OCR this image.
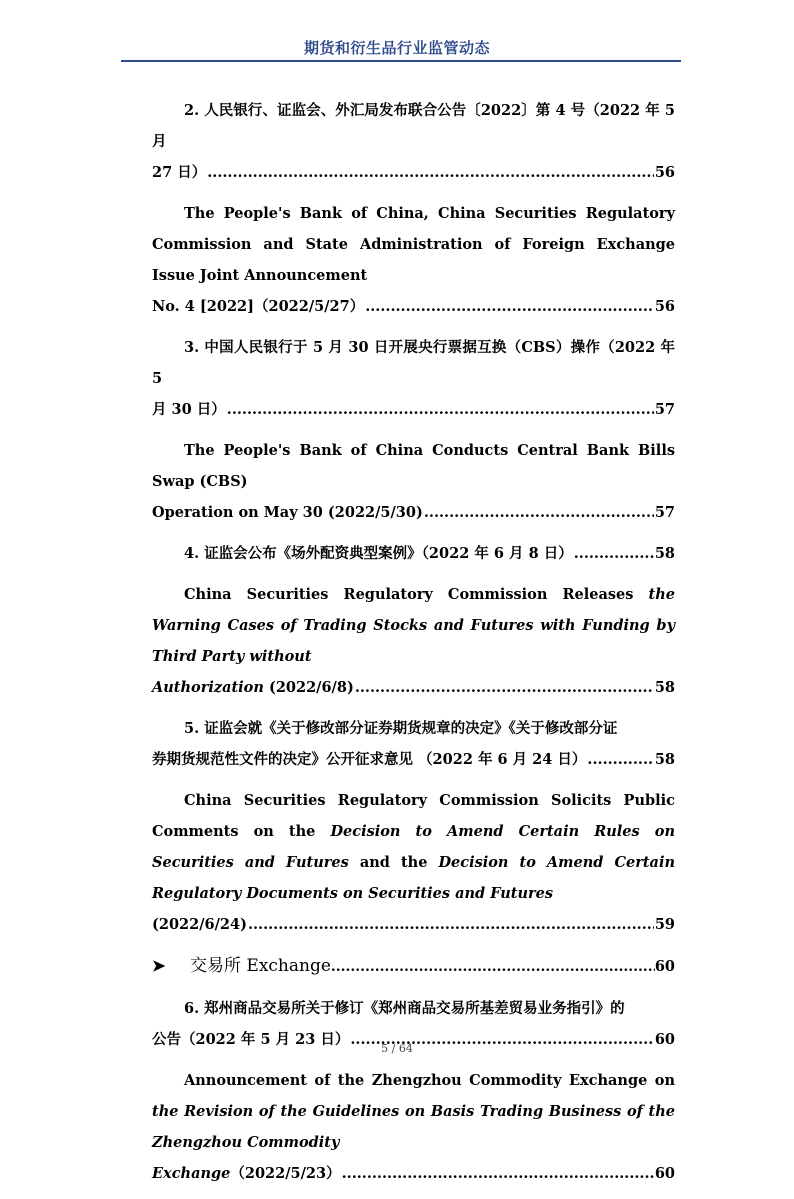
期货和衍生品行业监管动态
2. 人民银行、证监会、外汇局发布联合公告〔2022〕第 4 号（2022 年 5 月
27 日） .....	56
The People's Bank of China, China Securities Regulatory Commission and State Administration of Foreign Exchange Issue Joint Announcement
No. 4 [2022]（2022/5/27） .....	56
3. 中国人民银行于 5 月 30 日开展央行票据互换（CBS）操作（2022 年 5
月 30 日） .....	57
The People's Bank of China Conducts Central Bank Bills Swap (CBS)
Operation on May 30 (2022/5/30) .....	57
4. 证监会公布《场外配资典型案例》（2022 年 6 月 8 日） .....	58
China Securities Regulatory Commission Releases the Warning Cases of Trading Stocks and Futures with Funding by Third Party without
Authorization (2022/6/8) .....	58
5. 证监会就《关于修改部分证券期货规章的决定》《关于修改部分证
券期货规范性文件的决定》公开征求意见 （2022 年 6 月 24 日） .....	58
China Securities Regulatory Commission Solicits Public Comments on the Decision to Amend Certain Rules on Securities and Futures and the Decision to Amend Certain Regulatory Documents on Securities and Futures
(2022/6/24) .....	59
➤	交易所 Exchange .....	60
6. 郑州商品交易所关于修订《郑州商品交易所基差贸易业务指引》的
公告（2022 年 5 月 23 日） .....	60
Announcement of the Zhengzhou Commodity Exchange on the Revision of the Guidelines on Basis Trading Business of the Zhengzhou Commodity
Exchange（2022/5/23） .....	60
5 / 64
